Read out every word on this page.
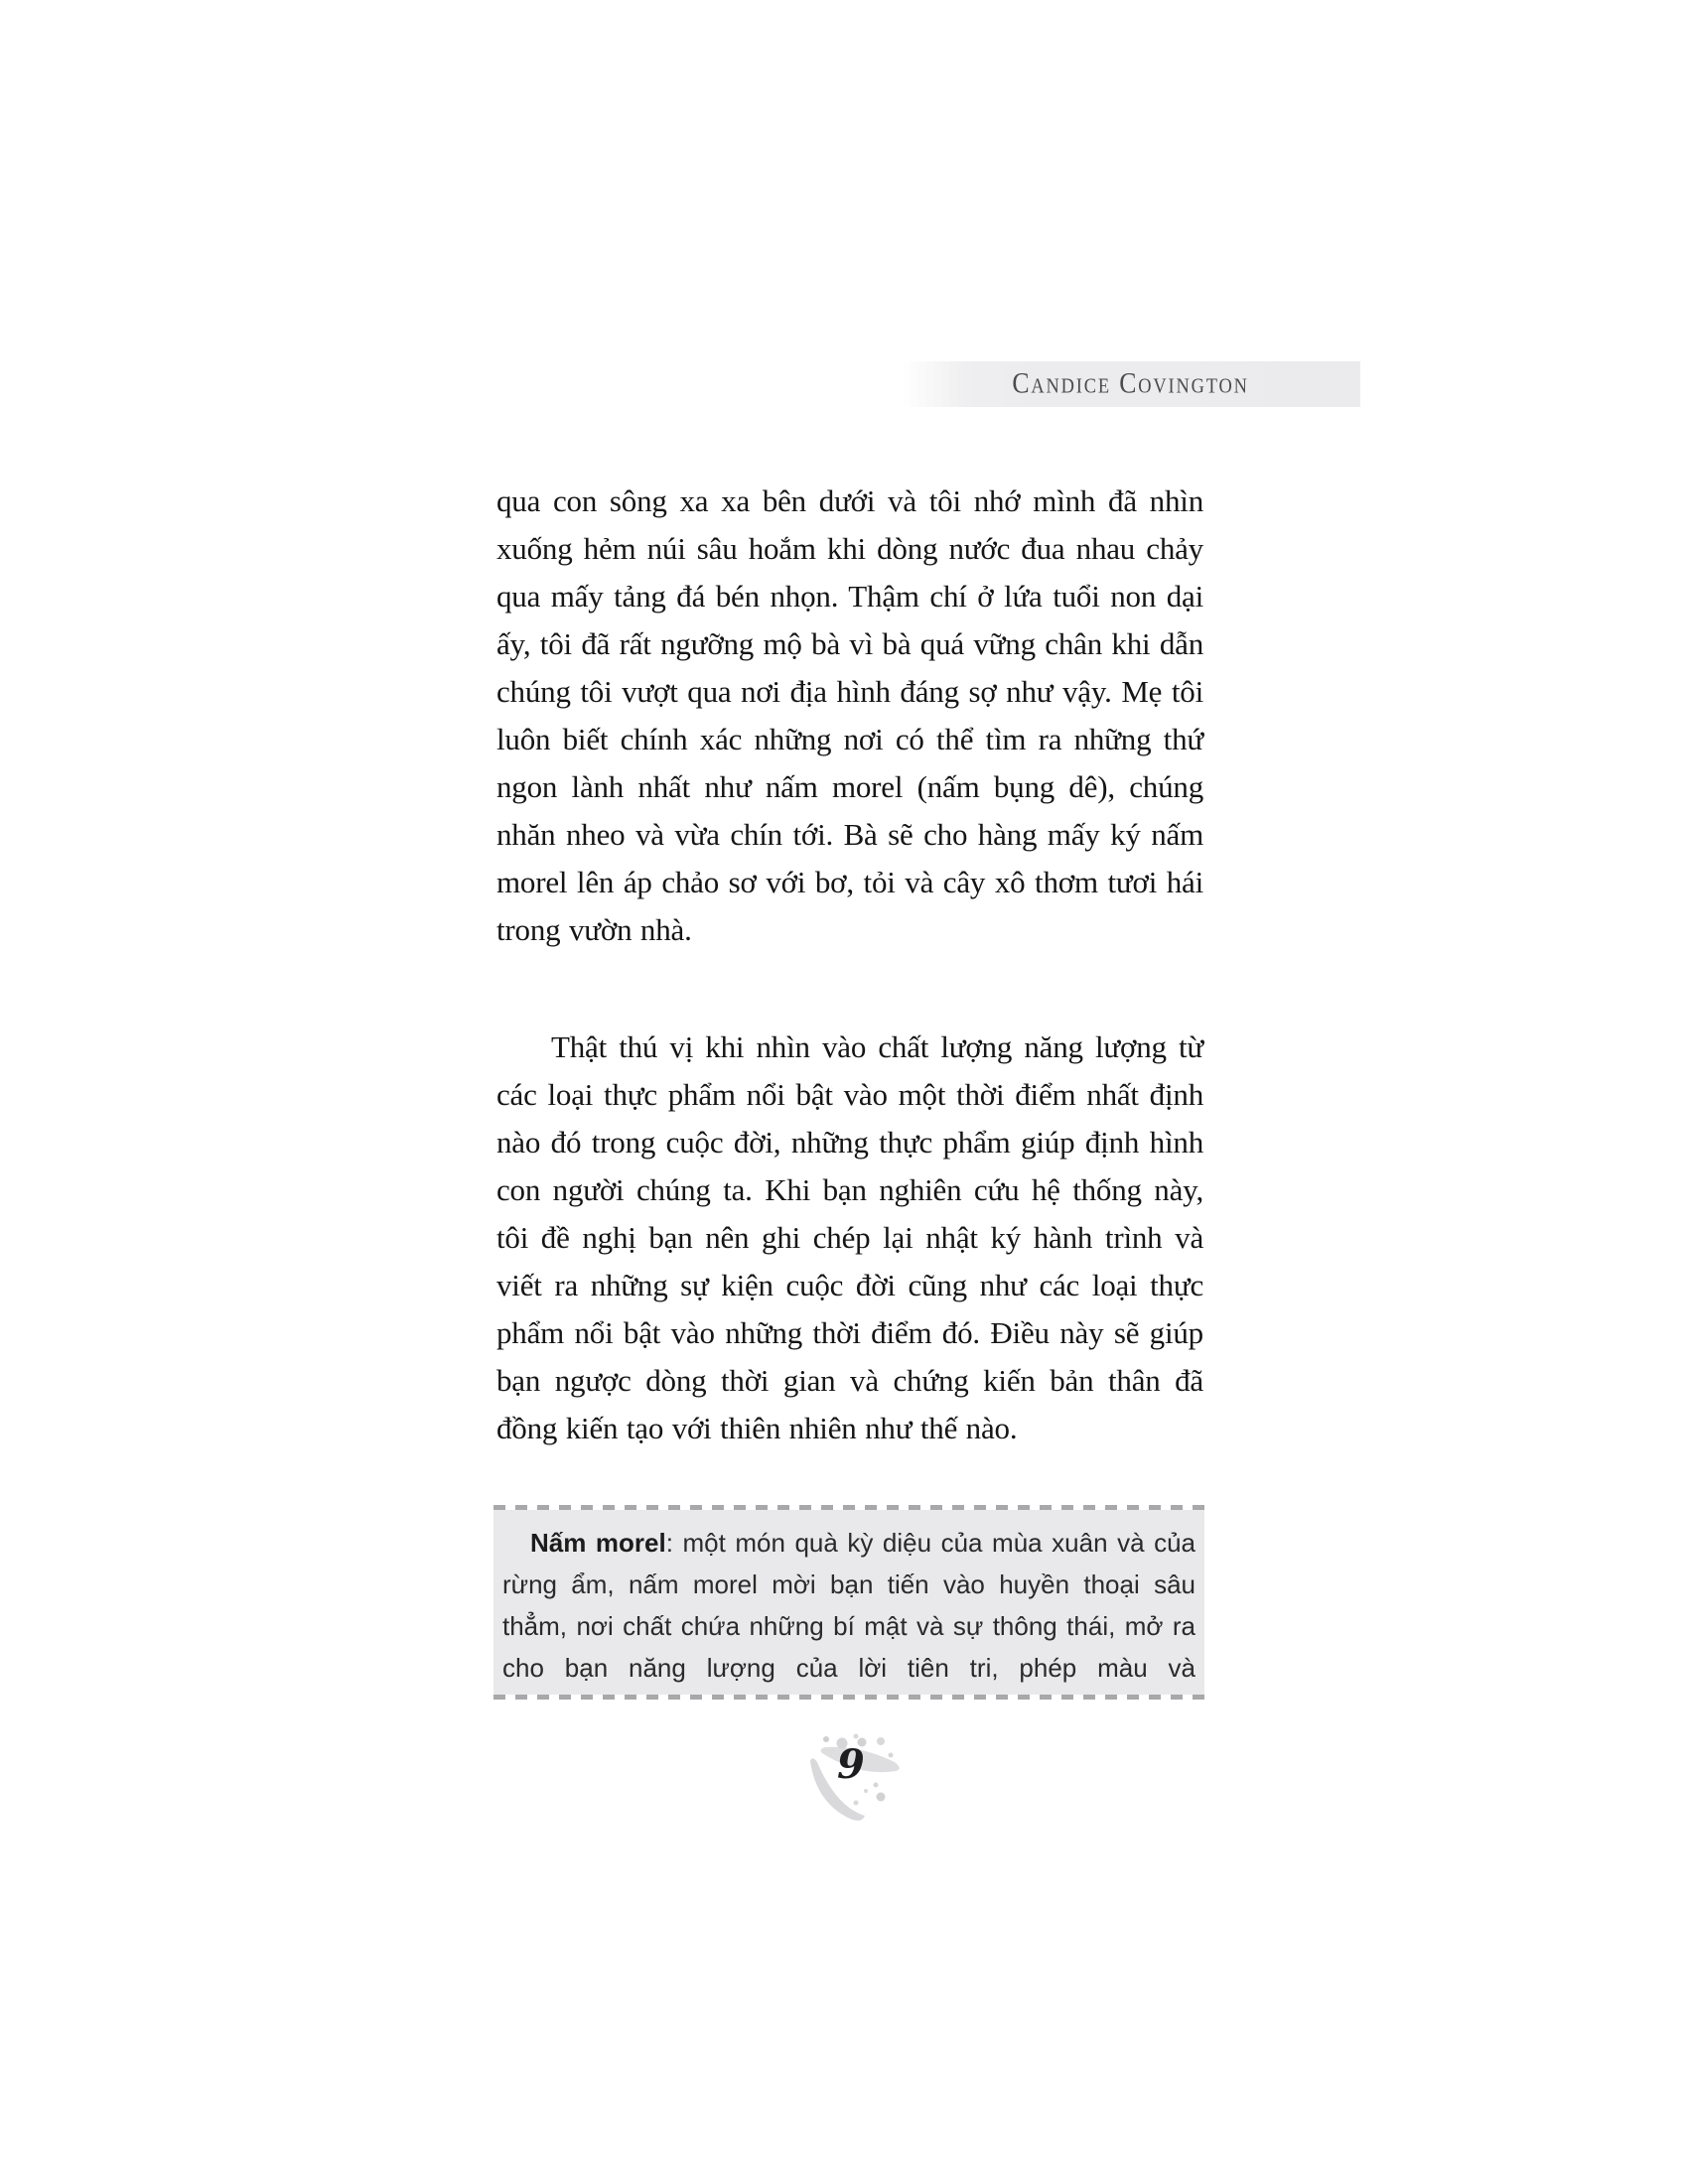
Candice Covington

qua con sông xa xa bên dưới và tôi nhớ mình đã nhìn xuống hẻm núi sâu hoắm khi dòng nước đua nhau chảy qua mấy tảng đá bén nhọn. Thậm chí ở lứa tuổi non dại ấy, tôi đã rất ngưỡng mộ bà vì bà quá vững chân khi dẫn chúng tôi vượt qua nơi địa hình đáng sợ như vậy. Mẹ tôi luôn biết chính xác những nơi có thể tìm ra những thứ ngon lành nhất như nấm morel (nấm bụng dê), chúng nhăn nheo và vừa chín tới. Bà sẽ cho hàng mấy ký nấm morel lên áp chảo sơ với bơ, tỏi và cây xô thơm tươi hái trong vườn nhà.

Thật thú vị khi nhìn vào chất lượng năng lượng từ các loại thực phẩm nổi bật vào một thời điểm nhất định nào đó trong cuộc đời, những thực phẩm giúp định hình con người chúng ta. Khi bạn nghiên cứu hệ thống này, tôi đề nghị bạn nên ghi chép lại nhật ký hành trình và viết ra những sự kiện cuộc đời cũng như các loại thực phẩm nổi bật vào những thời điểm đó. Điều này sẽ giúp bạn ngược dòng thời gian và chứng kiến bản thân đã đồng kiến tạo với thiên nhiên như thế nào.

Nấm morel: một món quà kỳ diệu của mùa xuân và của rừng ẩm, nấm morel mời bạn tiến vào huyền thoại sâu thẳm, nơi chất chứa những bí mật và sự thông thái, mở ra cho bạn năng lượng của lời tiên tri, phép màu và
9
